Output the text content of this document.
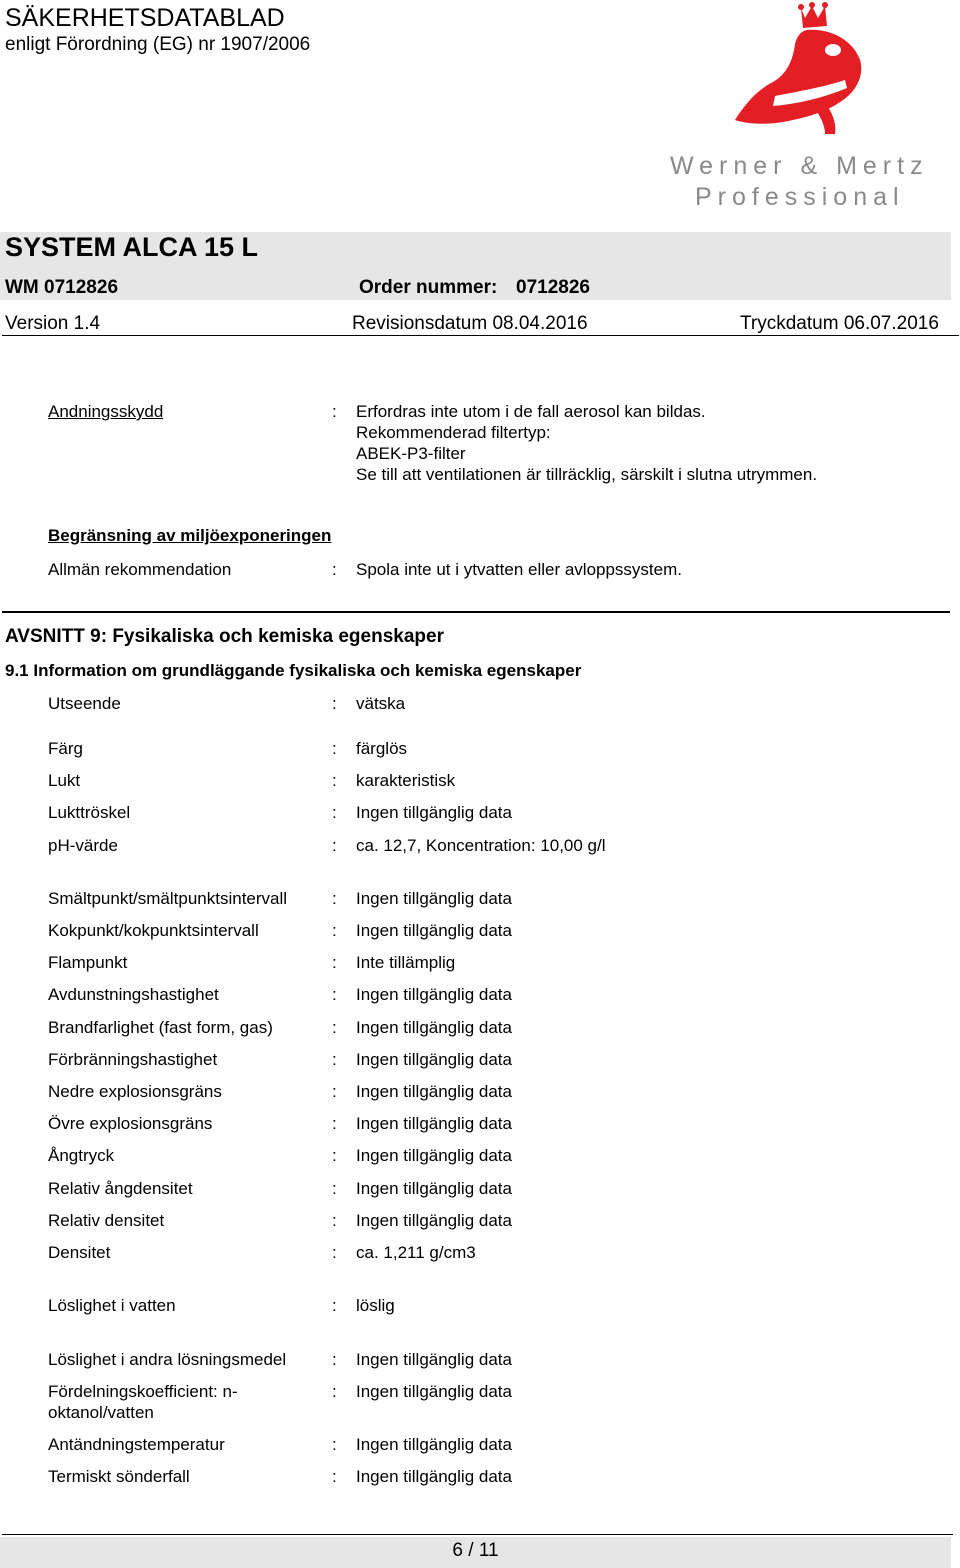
SÄKERHETSDATABLAD
enligt Förordning (EG) nr 1907/2006
Werner & Mertz
Professional
SYSTEM ALCA 15 L
WM 0712826	Order nummer: 0712826
Version 1.4	Revisionsdatum 08.04.2016	Tryckdatum 06.07.2016
Andningsskydd	: Erfordras inte utom i de fall aerosol kan bildas.
Rekommenderad filtertyp:
ABEK-P3-filter
Se till att ventilationen är tillräcklig, särskilt i slutna utrymmen.
Begränsning av miljöexponeringen
Allmän rekommendation	: Spola inte ut i ytvatten eller avloppssystem.
AVSNITT 9: Fysikaliska och kemiska egenskaper
9.1 Information om grundläggande fysikaliska och kemiska egenskaper
Utseende	: vätska
Färg	: färglös
Lukt	: karakteristisk
Lukttröskel	: Ingen tillgänglig data
pH-värde	: ca. 12,7, Koncentration: 10,00 g/l
Smältpunkt/smältpunktsintervall	: Ingen tillgänglig data
Kokpunkt/kokpunktsintervall	: Ingen tillgänglig data
Flampunkt	: Inte tillämplig
Avdunstningshastighet	: Ingen tillgänglig data
Brandfarlighet (fast form, gas)	: Ingen tillgänglig data
Förbränningshastighet	: Ingen tillgänglig data
Nedre explosionsgräns	: Ingen tillgänglig data
Övre explosionsgräns	: Ingen tillgänglig data
Ångtryck	: Ingen tillgänglig data
Relativ ångdensitet	: Ingen tillgänglig data
Relativ densitet	: Ingen tillgänglig data
Densitet	: ca. 1,211 g/cm3
Löslighet i vatten	: löslig
Löslighet i andra lösningsmedel	: Ingen tillgänglig data
Fördelningskoefficient: n-
oktanol/vatten
: Ingen tillgänglig data
Antändningstemperatur	: Ingen tillgänglig data
Termiskt sönderfall	: Ingen tillgänglig data
6 / 11
